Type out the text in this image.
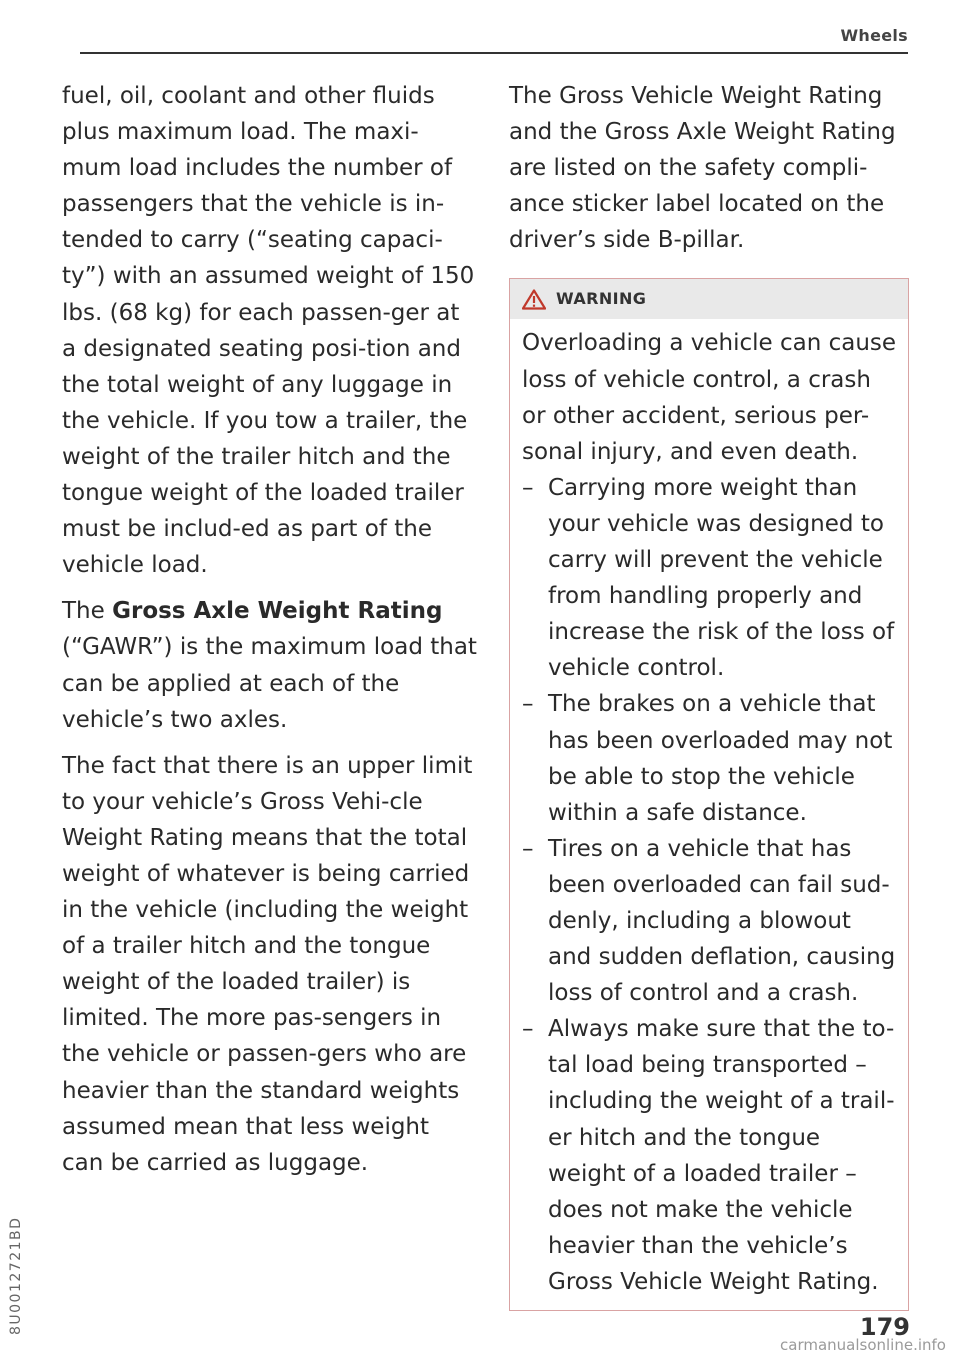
Wheels

fuel, oil, coolant and other fluids plus maximum load. The maxi-mum load includes the number of passengers that the vehicle is in-tended to carry (“seating capaci-ty”) with an assumed weight of 150 lbs. (68 kg) for each passen-ger at a designated seating posi-tion and the total weight of any luggage in the vehicle. If you tow a trailer, the weight of the trailer hitch and the tongue weight of the loaded trailer must be includ-ed as part of the vehicle load.

The Gross Axle Weight Rating (“GAWR”) is the maximum load that can be applied at each of the vehicle’s two axles.

The fact that there is an upper limit to your vehicle’s Gross Vehi-cle Weight Rating means that the total weight of whatever is being carried in the vehicle (including the weight of a trailer hitch and the tongue weight of the loaded trailer) is limited. The more pas-sengers in the vehicle or passen-gers who are heavier than the standard weights assumed mean that less weight can be carried as luggage.

The Gross Vehicle Weight Rating and the Gross Axle Weight Rating are listed on the safety compli-ance sticker label located on the driver’s side B-pillar.

WARNING

Overloading a vehicle can cause loss of vehicle control, a crash or other accident, serious per-sonal injury, and even death.

– Carrying more weight than your vehicle was designed to carry will prevent the vehicle from handling properly and increase the risk of the loss of vehicle control.
– The brakes on a vehicle that has been overloaded may not be able to stop the vehicle within a safe distance.
– Tires on a vehicle that has been overloaded can fail sud-denly, including a blowout and sudden deflation, causing loss of control and a crash.
– Always make sure that the to-tal load being transported – including the weight of a trail-er hitch and the tongue weight of a loaded trailer – does not make the vehicle heavier than the vehicle’s Gross Vehicle Weight Rating.
8U0012721BD	179
carmanualsonline.info
